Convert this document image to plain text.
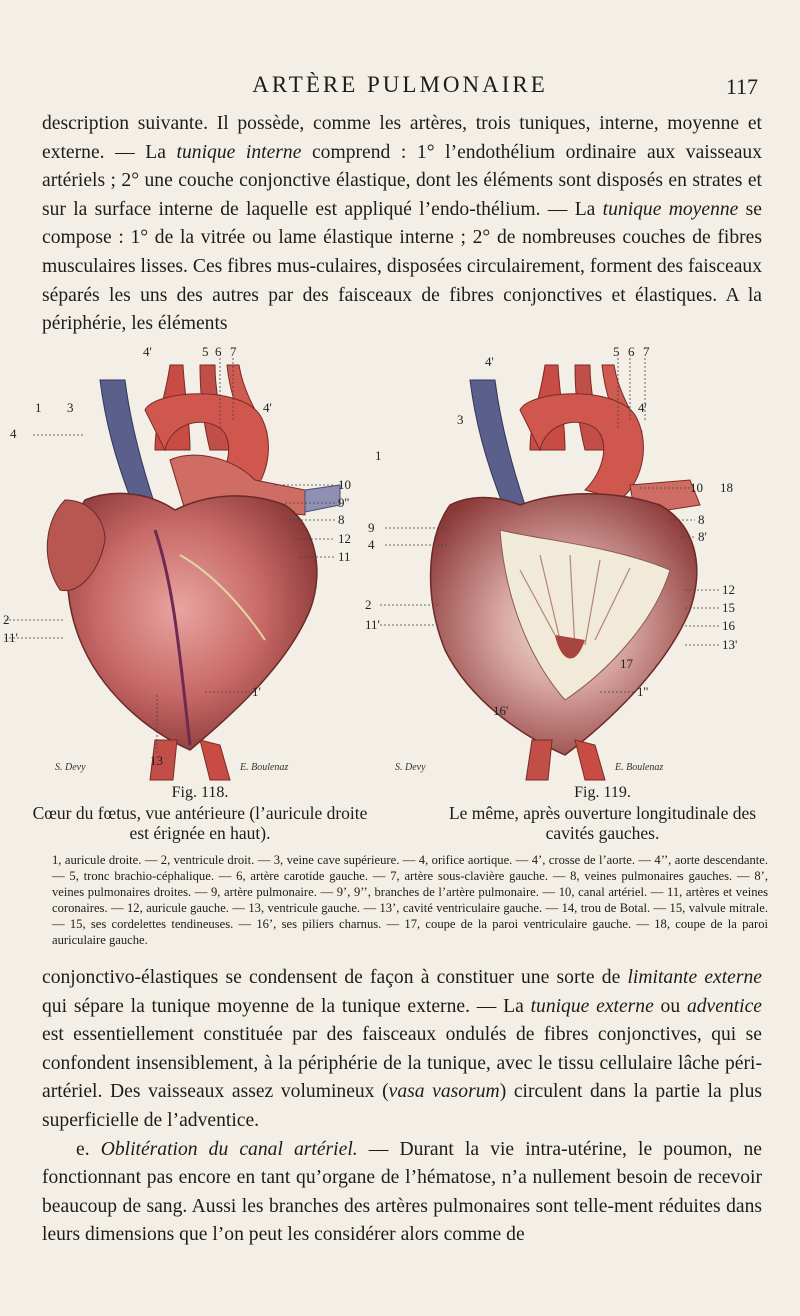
ARTÈRE PULMONAIRE	117

description suivante. Il possède, comme les artères, trois tuniques, interne, moyenne et externe. — La tunique interne comprend : 1° l’endothélium ordinaire aux vaisseaux artériels ; 2° une couche conjonctive élastique, dont les éléments sont disposés en strates et sur la surface interne de laquelle est appliqué l’endo-thélium. — La tunique moyenne se compose : 1° de la vitrée ou lame élastique interne ; 2° de nombreuses couches de fibres musculaires lisses. Ces fibres mus-culaires, disposées circulairement, forment des faisceaux séparés les uns des autres par des faisceaux de fibres conjonctives et élastiques. A la périphérie, les éléments

5 6 7
4'
1 3	4'
4
10
9''
8
12
11
2
11'
1'
13
S. Devy	E. Boulenaz
5 6 7
4'
3
1
4'
10 18
9
4
8
8'
12
15
16
13'
2
11'
17
1''
16'
S. Devy	E. Boulenaz
Fig. 118.
Cœur du fœtus, vue antérieure (l’auricule droite est érignée en haut).
Fig. 119.
Le même, après ouverture longitudinale des cavités gauches.

1, auricule droite. — 2, ventricule droit. — 3, veine cave supérieure. — 4, orifice aortique. — 4’, crosse de l’aorte. — 4’’, aorte descendante. — 5, tronc brachio-céphalique. — 6, artère carotide gauche. — 7, artère sous-clavière gauche. — 8, veines pulmonaires gauches. — 8’, veines pulmonaires droites. — 9, artère pulmonaire. — 9’, 9’’, branches de l’artère pulmonaire. — 10, canal artériel. — 11, artères et veines coronaires. — 12, auricule gauche. — 13, ventricule gauche. — 13’, cavité ventriculaire gauche. — 14, trou de Botal. — 15, valvule mitrale. — 15, ses cordelettes tendineuses. — 16’, ses piliers charnus. — 17, coupe de la paroi ventriculaire gauche. — 18, coupe de la paroi auriculaire gauche.

conjonctivo-élastiques se condensent de façon à constituer une sorte de limitante externe qui sépare la tunique moyenne de la tunique externe. — La tunique externe ou adventice est essentiellement constituée par des faisceaux ondulés de fibres conjonctives, qui se confondent insensiblement, à la périphérie de la tunique, avec le tissu cellulaire lâche péri-artériel. Des vaisseaux assez volumineux (vasa vasorum) circulent dans la partie la plus superficielle de l’adventice.
e. Oblitération du canal artériel. — Durant la vie intra-utérine, le poumon, ne fonctionnant pas encore en tant qu’organe de l’hématose, n’a nullement besoin de recevoir beaucoup de sang. Aussi les branches des artères pulmonaires sont telle-ment réduites dans leurs dimensions que l’on peut les considérer alors comme de
